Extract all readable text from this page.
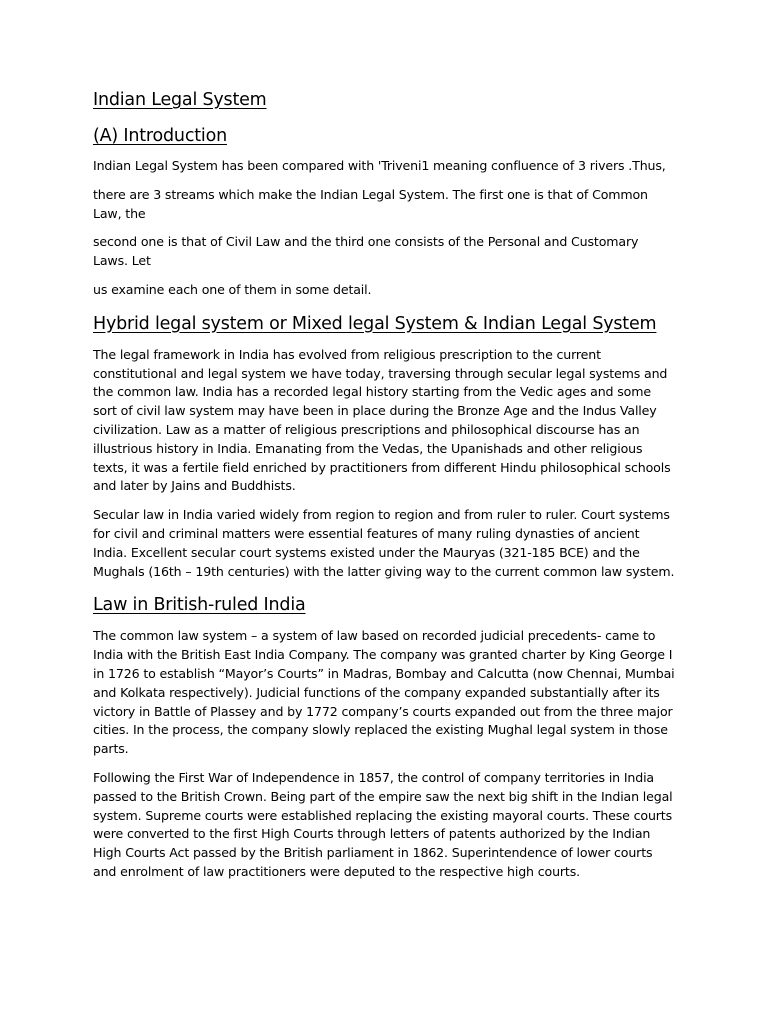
Indian Legal System
(A) Introduction

Indian Legal System has been compared with 'Triveni1 meaning confluence of 3 rivers .Thus,

there are 3 streams which make the Indian Legal System. The first one is that of Common Law, the

second one is that of Civil Law and the third one consists of the Personal and Customary Laws. Let

us examine each one of them in some detail.

Hybrid legal system or Mixed legal System & Indian Legal System

The legal framework in India has evolved from religious prescription to the current constitutional and legal system we have today, traversing through secular legal systems and the common law. India has a recorded legal history starting from the Vedic ages and some sort of civil law system may have been in place during the Bronze Age and the Indus Valley civilization. Law as a matter of religious prescriptions and philosophical discourse has an illustrious history in India. Emanating from the Vedas, the Upanishads and other religious texts, it was a fertile field enriched by practitioners from different Hindu philosophical schools and later by Jains and Buddhists.

Secular law in India varied widely from region to region and from ruler to ruler. Court systems for civil and criminal matters were essential features of many ruling dynasties of ancient India. Excellent secular court systems existed under the Mauryas (321-185 BCE) and the Mughals (16th – 19th centuries) with the latter giving way to the current common law system.

Law in British-ruled India

The common law system – a system of law based on recorded judicial precedents- came to India with the British East India Company. The company was granted charter by King George I in 1726 to establish “Mayor’s Courts” in Madras, Bombay and Calcutta (now Chennai, Mumbai and Kolkata respectively). Judicial functions of the company expanded substantially after its victory in Battle of Plassey and by 1772 company’s courts expanded out from the three major cities. In the process, the company slowly replaced the existing Mughal legal system in those parts.

Following the First War of Independence in 1857, the control of company territories in India passed to the British Crown. Being part of the empire saw the next big shift in the Indian legal system. Supreme courts were established replacing the existing mayoral courts. These courts were converted to the first High Courts through letters of patents authorized by the Indian High Courts Act passed by the British parliament in 1862. Superintendence of lower courts and enrolment of law practitioners were deputed to the respective high courts.
